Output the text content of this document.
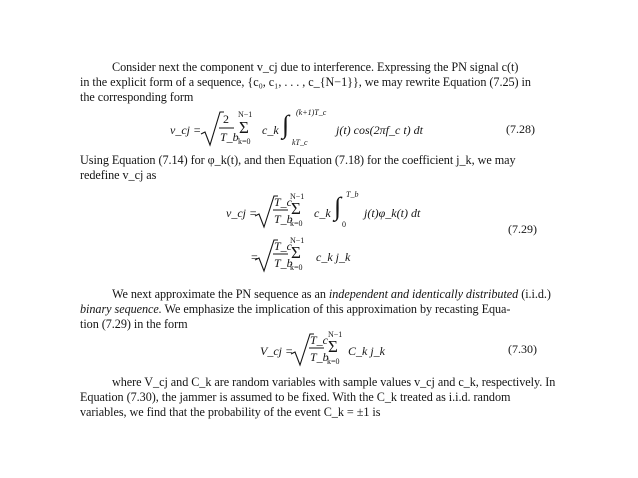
Consider next the component v_cj due to interference. Expressing the PN signal c(t)
in the explicit form of a sequence, {c₀, c₁, . . . , c_{N−1}}, we may rewrite Equation (7.25) in
the corresponding form
v_cj =
2
T_b
N−1
Σ
k=0
c_k
(k+1)T_c
∫
kT_c
j(t) cos(2πf_c t) dt	(7.28)
Using Equation (7.14) for φ_k(t), and then Equation (7.18) for the coefficient j_k, we may
redefine v_cj as
v_cj =
T_c
T_b
N−1
Σ
k=0
c_k
T_b
∫
0
j(t)φ_k(t) dt
(7.29)
=
T_c
T_b
N−1
Σ
k=0
c_k j_k
We next approximate the PN sequence as an independent and identically distributed (i.i.d.)
binary sequence. We emphasize the implication of this approximation by recasting Equa-
tion (7.29) in the form
V_cj =
T_c
T_b
N−1
Σ
k=0
C_k j_k	(7.30)
where V_cj and C_k are random variables with sample values v_cj and c_k, respectively. In
Equation (7.30), the jammer is assumed to be fixed. With the C_k treated as i.i.d. random
variables, we find that the probability of the event C_k = ±1 is
